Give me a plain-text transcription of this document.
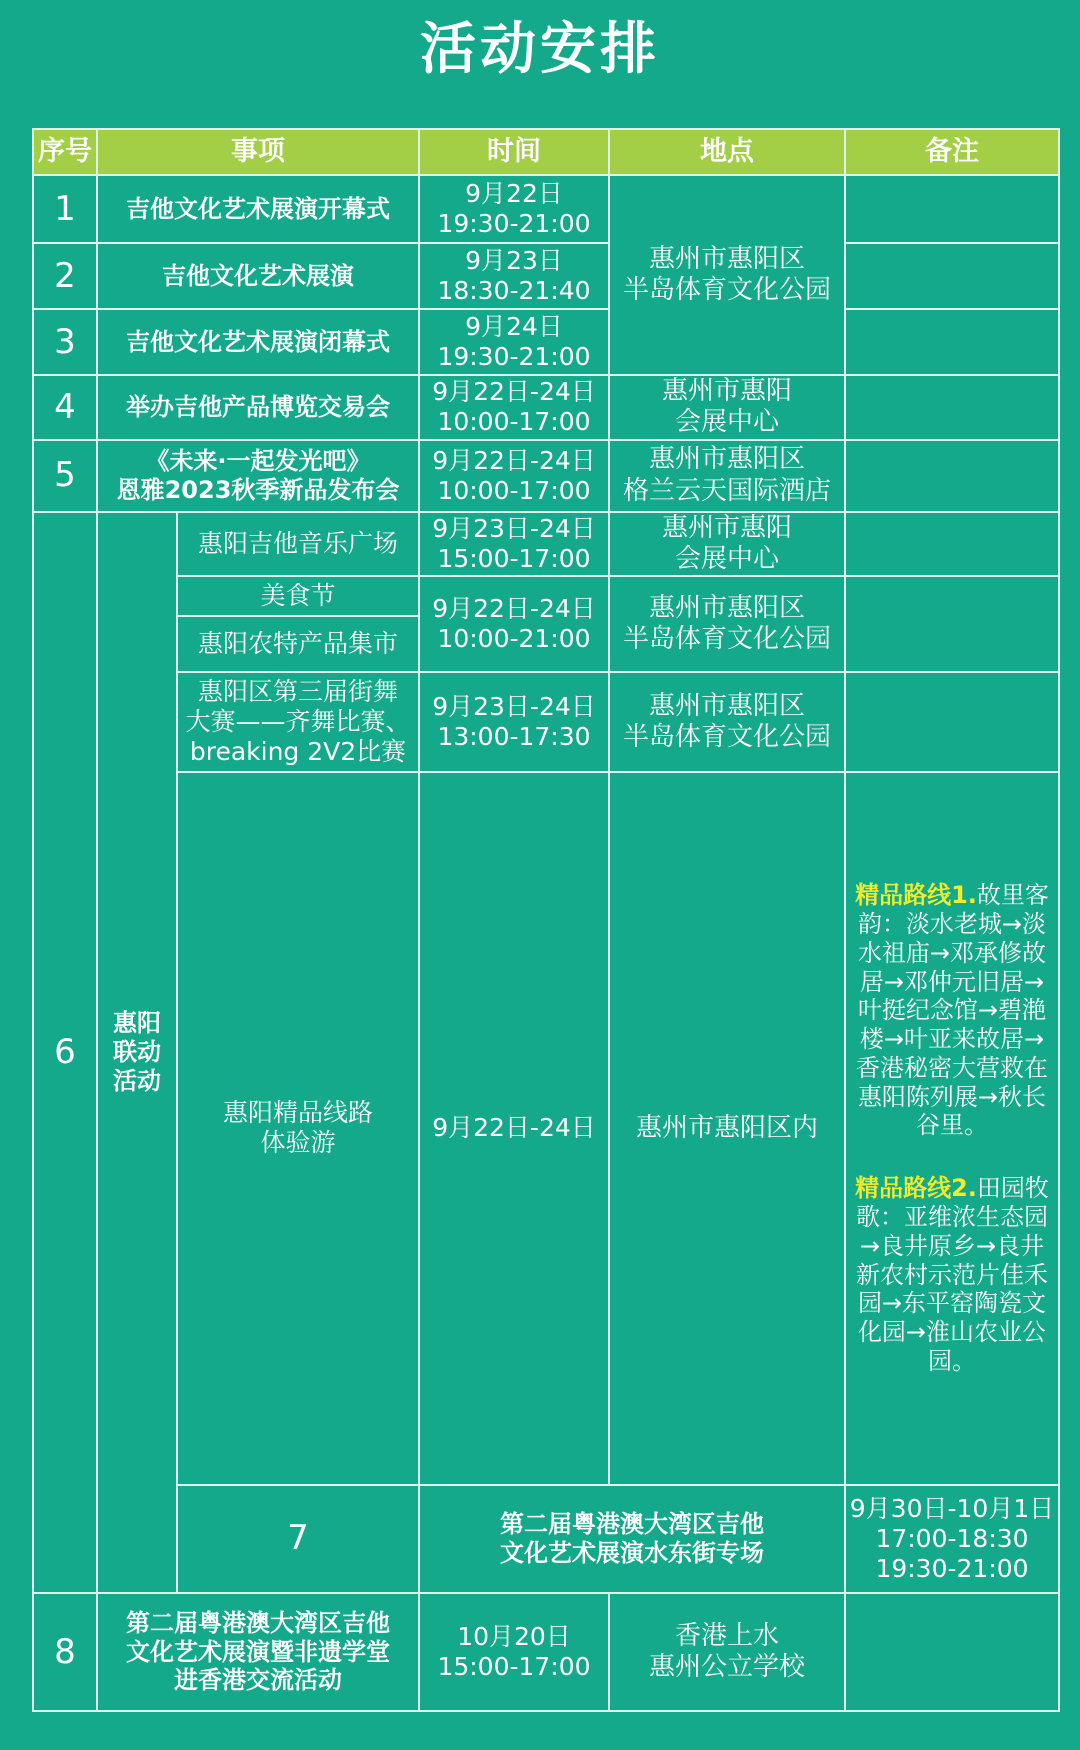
活动安排
序号	事项		时间	地点	备注	
1	吉他文化艺术展演开幕式		9月22日
19:30-21:00	惠州市惠阳区
半岛体育文化公园		

2	吉他文化艺术展演		9月23日
18:30-21:40			

3	吉他文化艺术展演闭幕式		9月24日
19:30-21:00			

4	举办吉他产品博览交易会		9月22日-24日
10:00-17:00	惠州市惠阳
会展中心		

5	《未来·一起发光吧》
恩雅2023秋季新品发布会		9月22日-24日
10:00-17:00	惠州市惠阳区
格兰云天国际酒店		

6	惠阳
联动
活动	惠阳吉他音乐广场	9月23日-24日
15:00-17:00	惠州市惠阳
会展中心		

		美食节	9月22日-24日
10:00-21:00	惠州市惠阳区
半岛体育文化公园		

		惠阳农特产品集市				

		惠阳区第三届街舞
大赛——齐舞比赛、
breaking 2V2比赛	9月23日-24日
13:00-17:30	惠州市惠阳区
半岛体育文化公园		

		惠阳精品线路
体验游	9月22日-24日	惠州市惠阳区内	精品路线1.故里客韵：淡水老城→淡水祖庙→邓承修故居→邓仲元旧居→叶挺纪念馆→碧滟楼→叶亚来故居→香港秘密大营救在惠阳陈列展→秋长谷里。
精品路线2.田园牧歌：亚维浓生态园→良井原乡→良井新农村示范片佳禾园→东平窑陶瓷文化园→淮山农业公园。	

		7	第二届粤港澳大湾区吉他
文化艺术展演水东街专场		9月30日-10月1日
17:00-18:30
19:30-21:00

8	第二届粤港澳大湾区吉他
文化艺术展演暨非遗学堂
进香港交流活动		10月20日
15:00-17:00	香港上水
惠州公立学校		
